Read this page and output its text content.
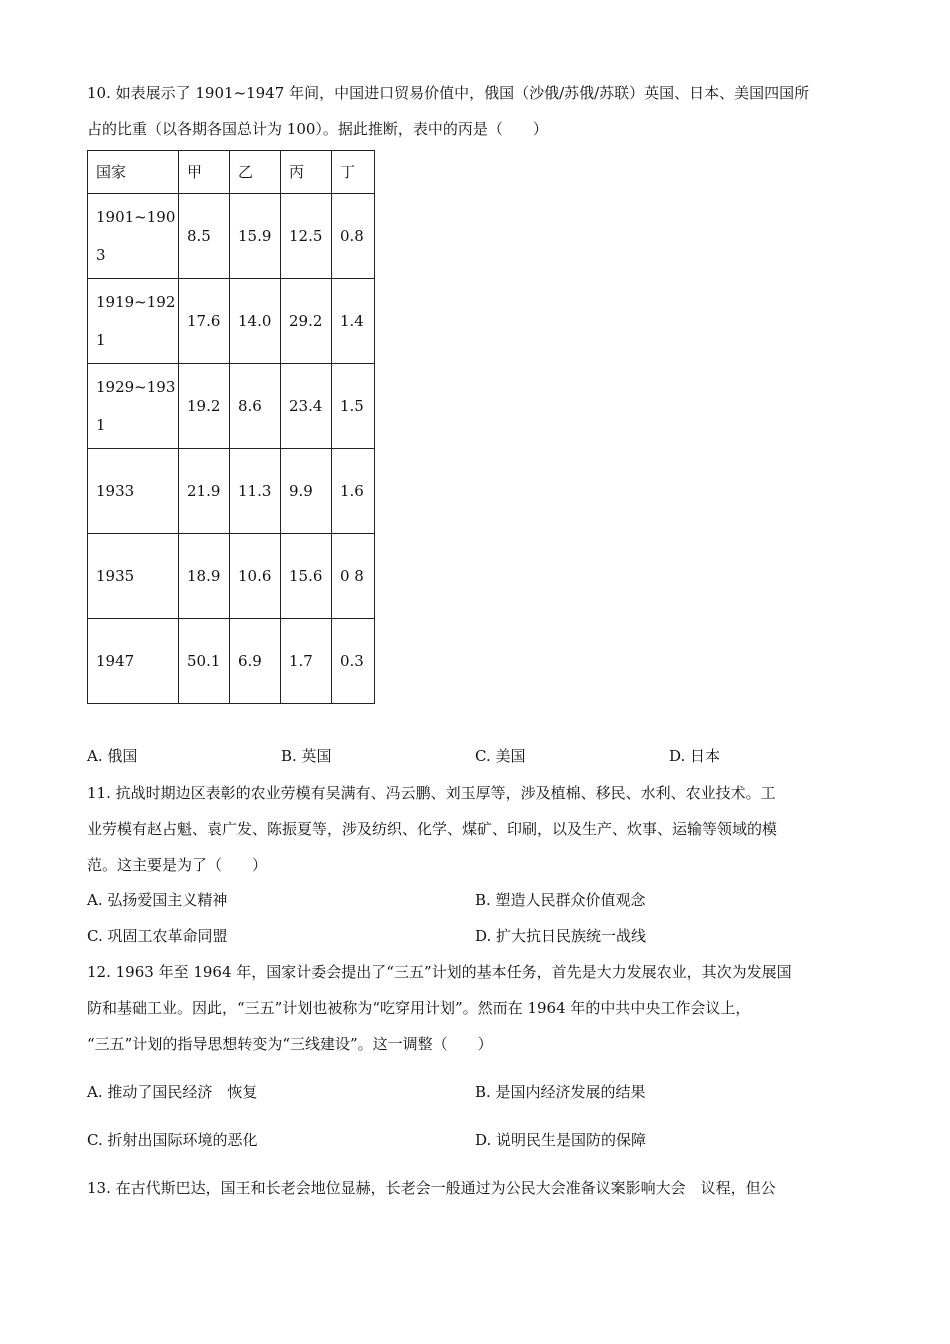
10. 如表展示了 1901~1947 年间，中国进口贸易价值中，俄国（沙俄/苏俄/苏联）英国、日本、美国四国所
占的比重（以各期各国总计为 100）。据此推断，表中的丙是（　　）
国家	甲	乙	丙	丁
1901~1903	8.5	15.9	12.5	0.8
1919~1921	17.6	14.0	29.2	1.4
1929~1931	19.2	8.6	23.4	1.5
1933	21.9	11.3	9.9	1.6
1935	18.9	10.6	15.6	0 8
1947	50.1	6.9	1.7	0.3
A. 俄国	B. 英国	C. 美国	D. 日本
11. 抗战时期边区表彰的农业劳模有吴满有、冯云鹏、刘玉厚等，涉及植棉、移民、水利、农业技术。工
业劳模有赵占魁、袁广发、陈振夏等，涉及纺织、化学、煤矿、印刷，以及生产、炊事、运输等领域的模
范。这主要是为了（　　）
A. 弘扬爱国主义精神	B. 塑造人民群众价值观念
C. 巩固工农革命同盟	D. 扩大抗日民族统一战线
12. 1963 年至 1964 年，国家计委会提出了“三五”计划的基本任务，首先是大力发展农业，其次为发展国
防和基础工业。因此，“三五”计划也被称为“吃穿用计划”。然而在 1964 年的中共中央工作会议上，
“三五”计划的指导思想转变为“三线建设”。这一调整（　　）
A. 推动了国民经济　恢复	B. 是国内经济发展的结果
C. 折射出国际环境的恶化	D. 说明民生是国防的保障
13. 在古代斯巴达，国王和长老会地位显赫，长老会一般通过为公民大会准备议案影响大会　议程，但公
